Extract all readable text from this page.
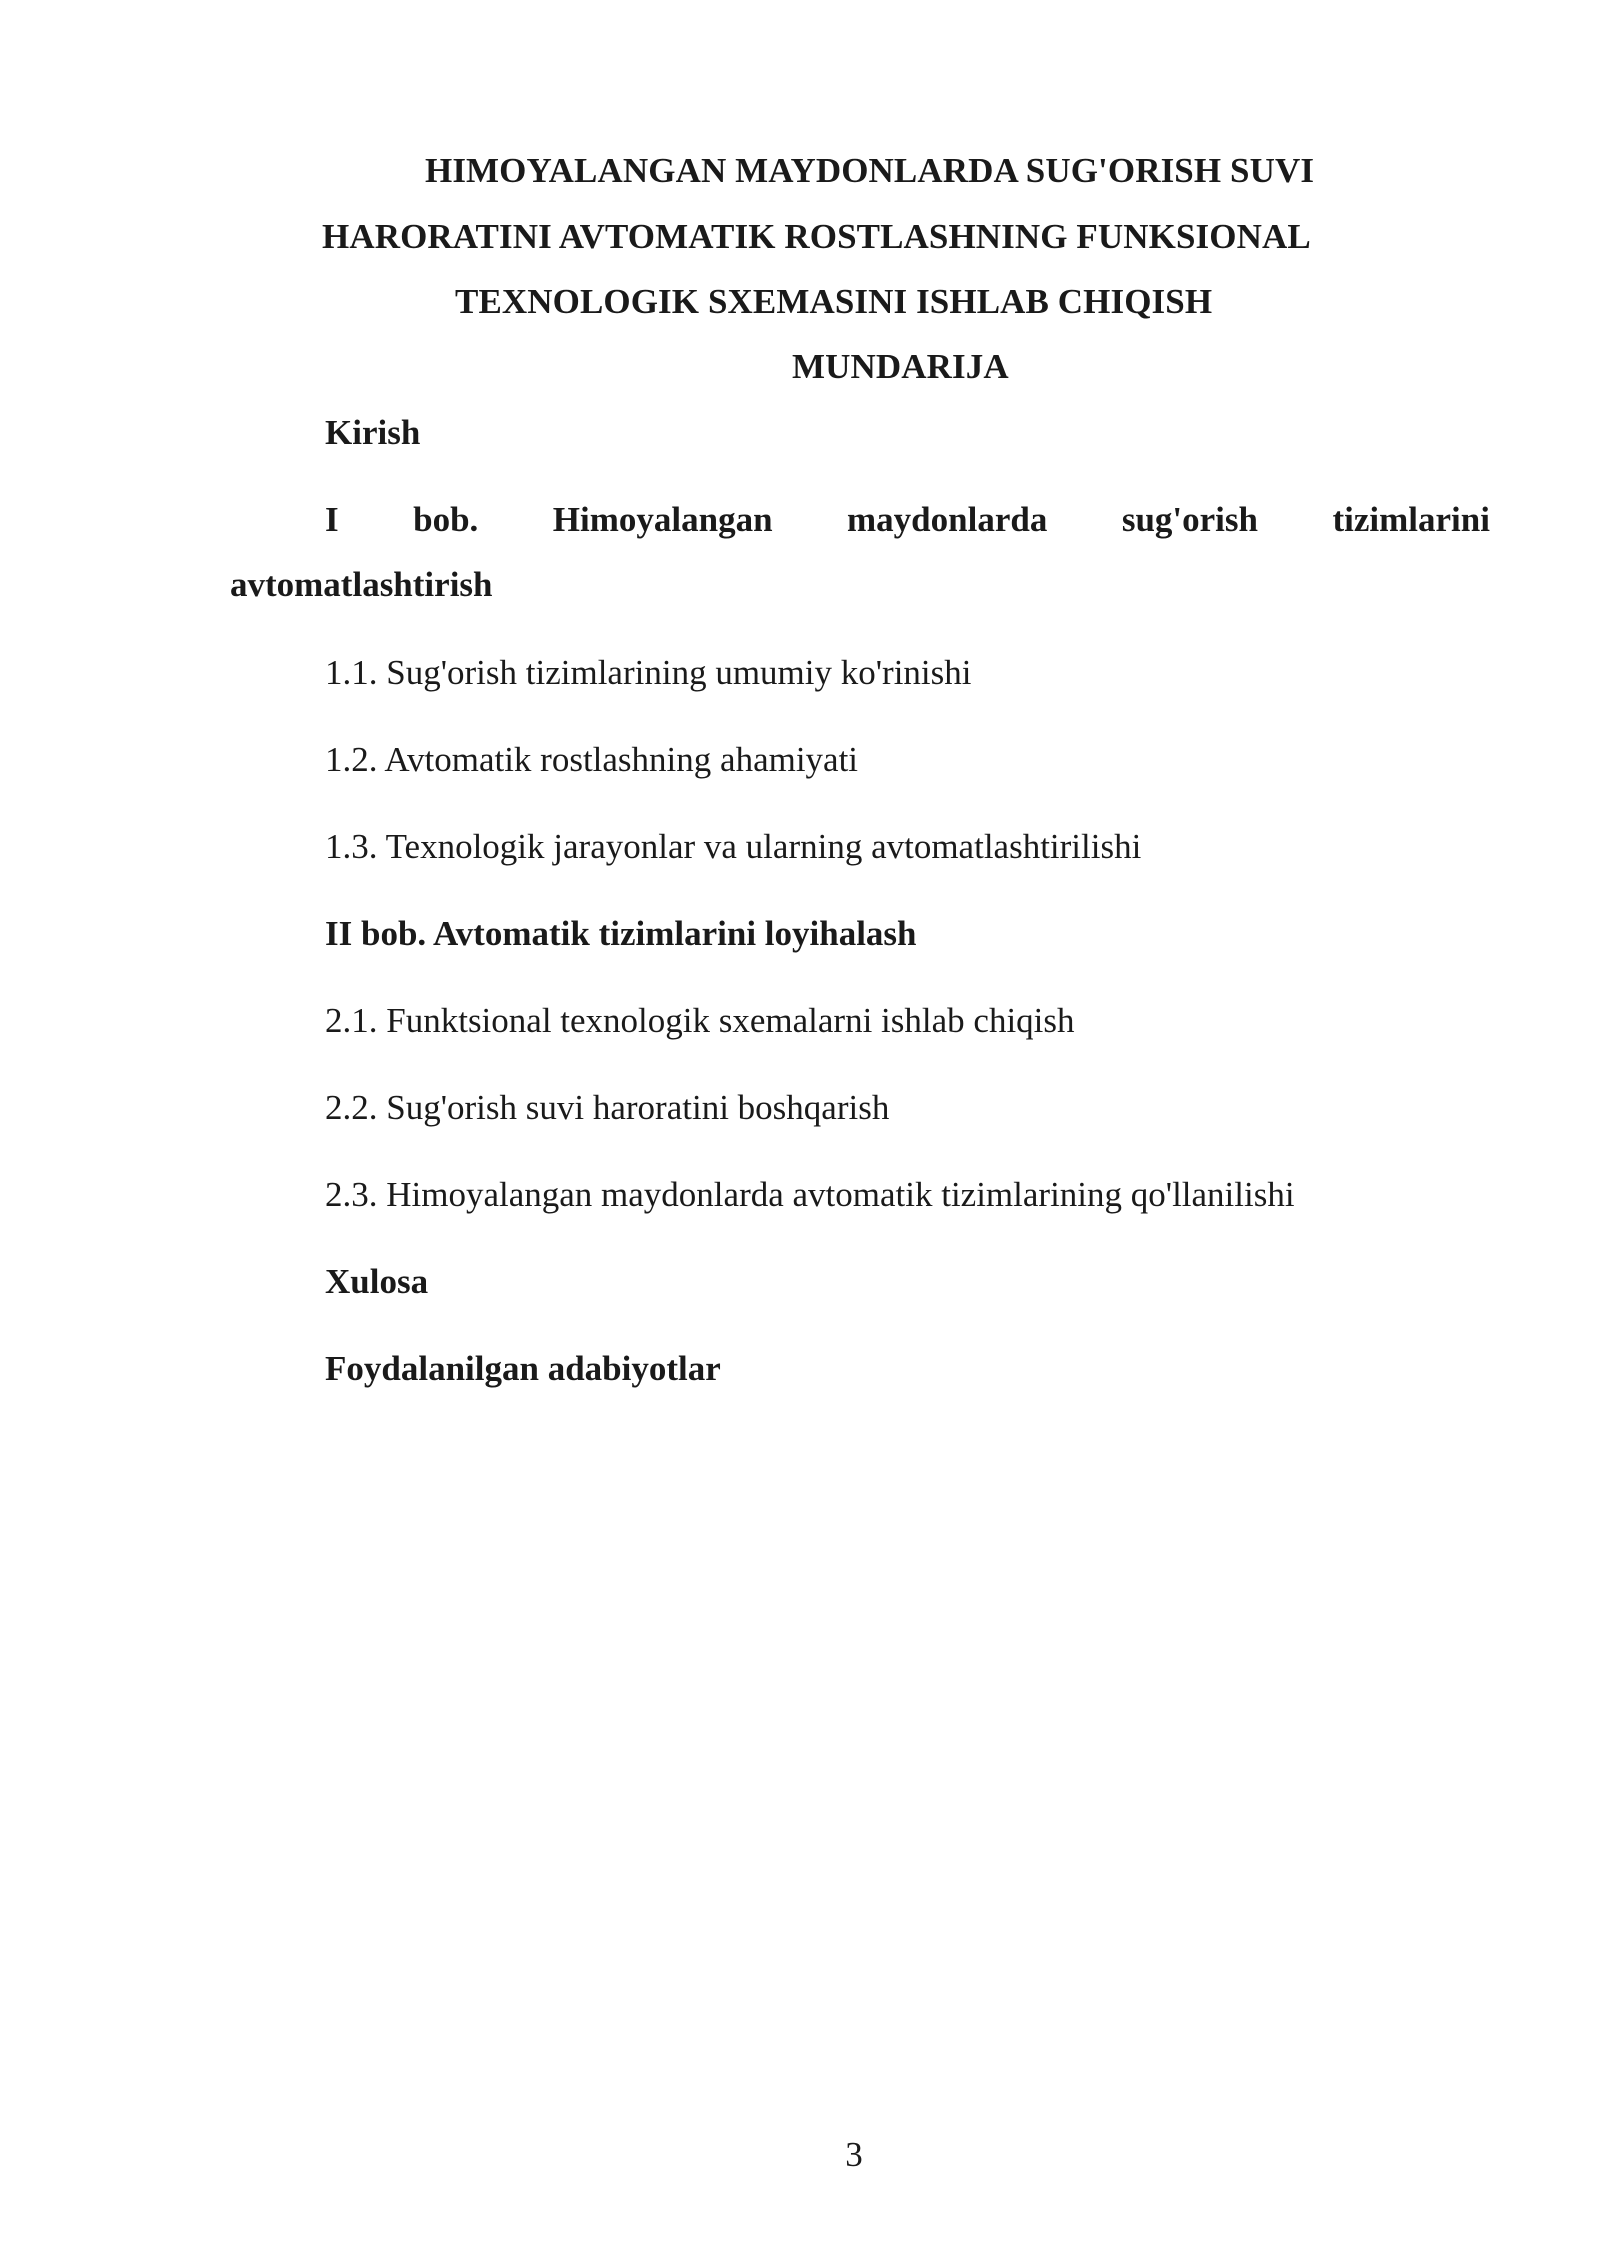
HIMOYALANGAN MAYDONLARDA SUG'ORISH SUVI
HARORATINI AVTOMATIK ROSTLASHNING FUNKSIONAL
TEXNOLOGIK SXEMASINI ISHLAB CHIQISH
MUNDARIJA
Kirish
I bob. Himoyalangan maydonlarda sug'orish tizimlarini
avtomatlashtirish
1.1. Sug'orish tizimlarining umumiy ko'rinishi
1.2. Avtomatik rostlashning ahamiyati
1.3. Texnologik jarayonlar va ularning avtomatlashtirilishi
II bob. Avtomatik tizimlarini loyihalash
2.1. Funktsional texnologik sxemalarni ishlab chiqish
2.2. Sug'orish suvi haroratini boshqarish
2.3. Himoyalangan maydonlarda avtomatik tizimlarining qo'llanilishi
Xulosa
Foydalanilgan adabiyotlar
3
